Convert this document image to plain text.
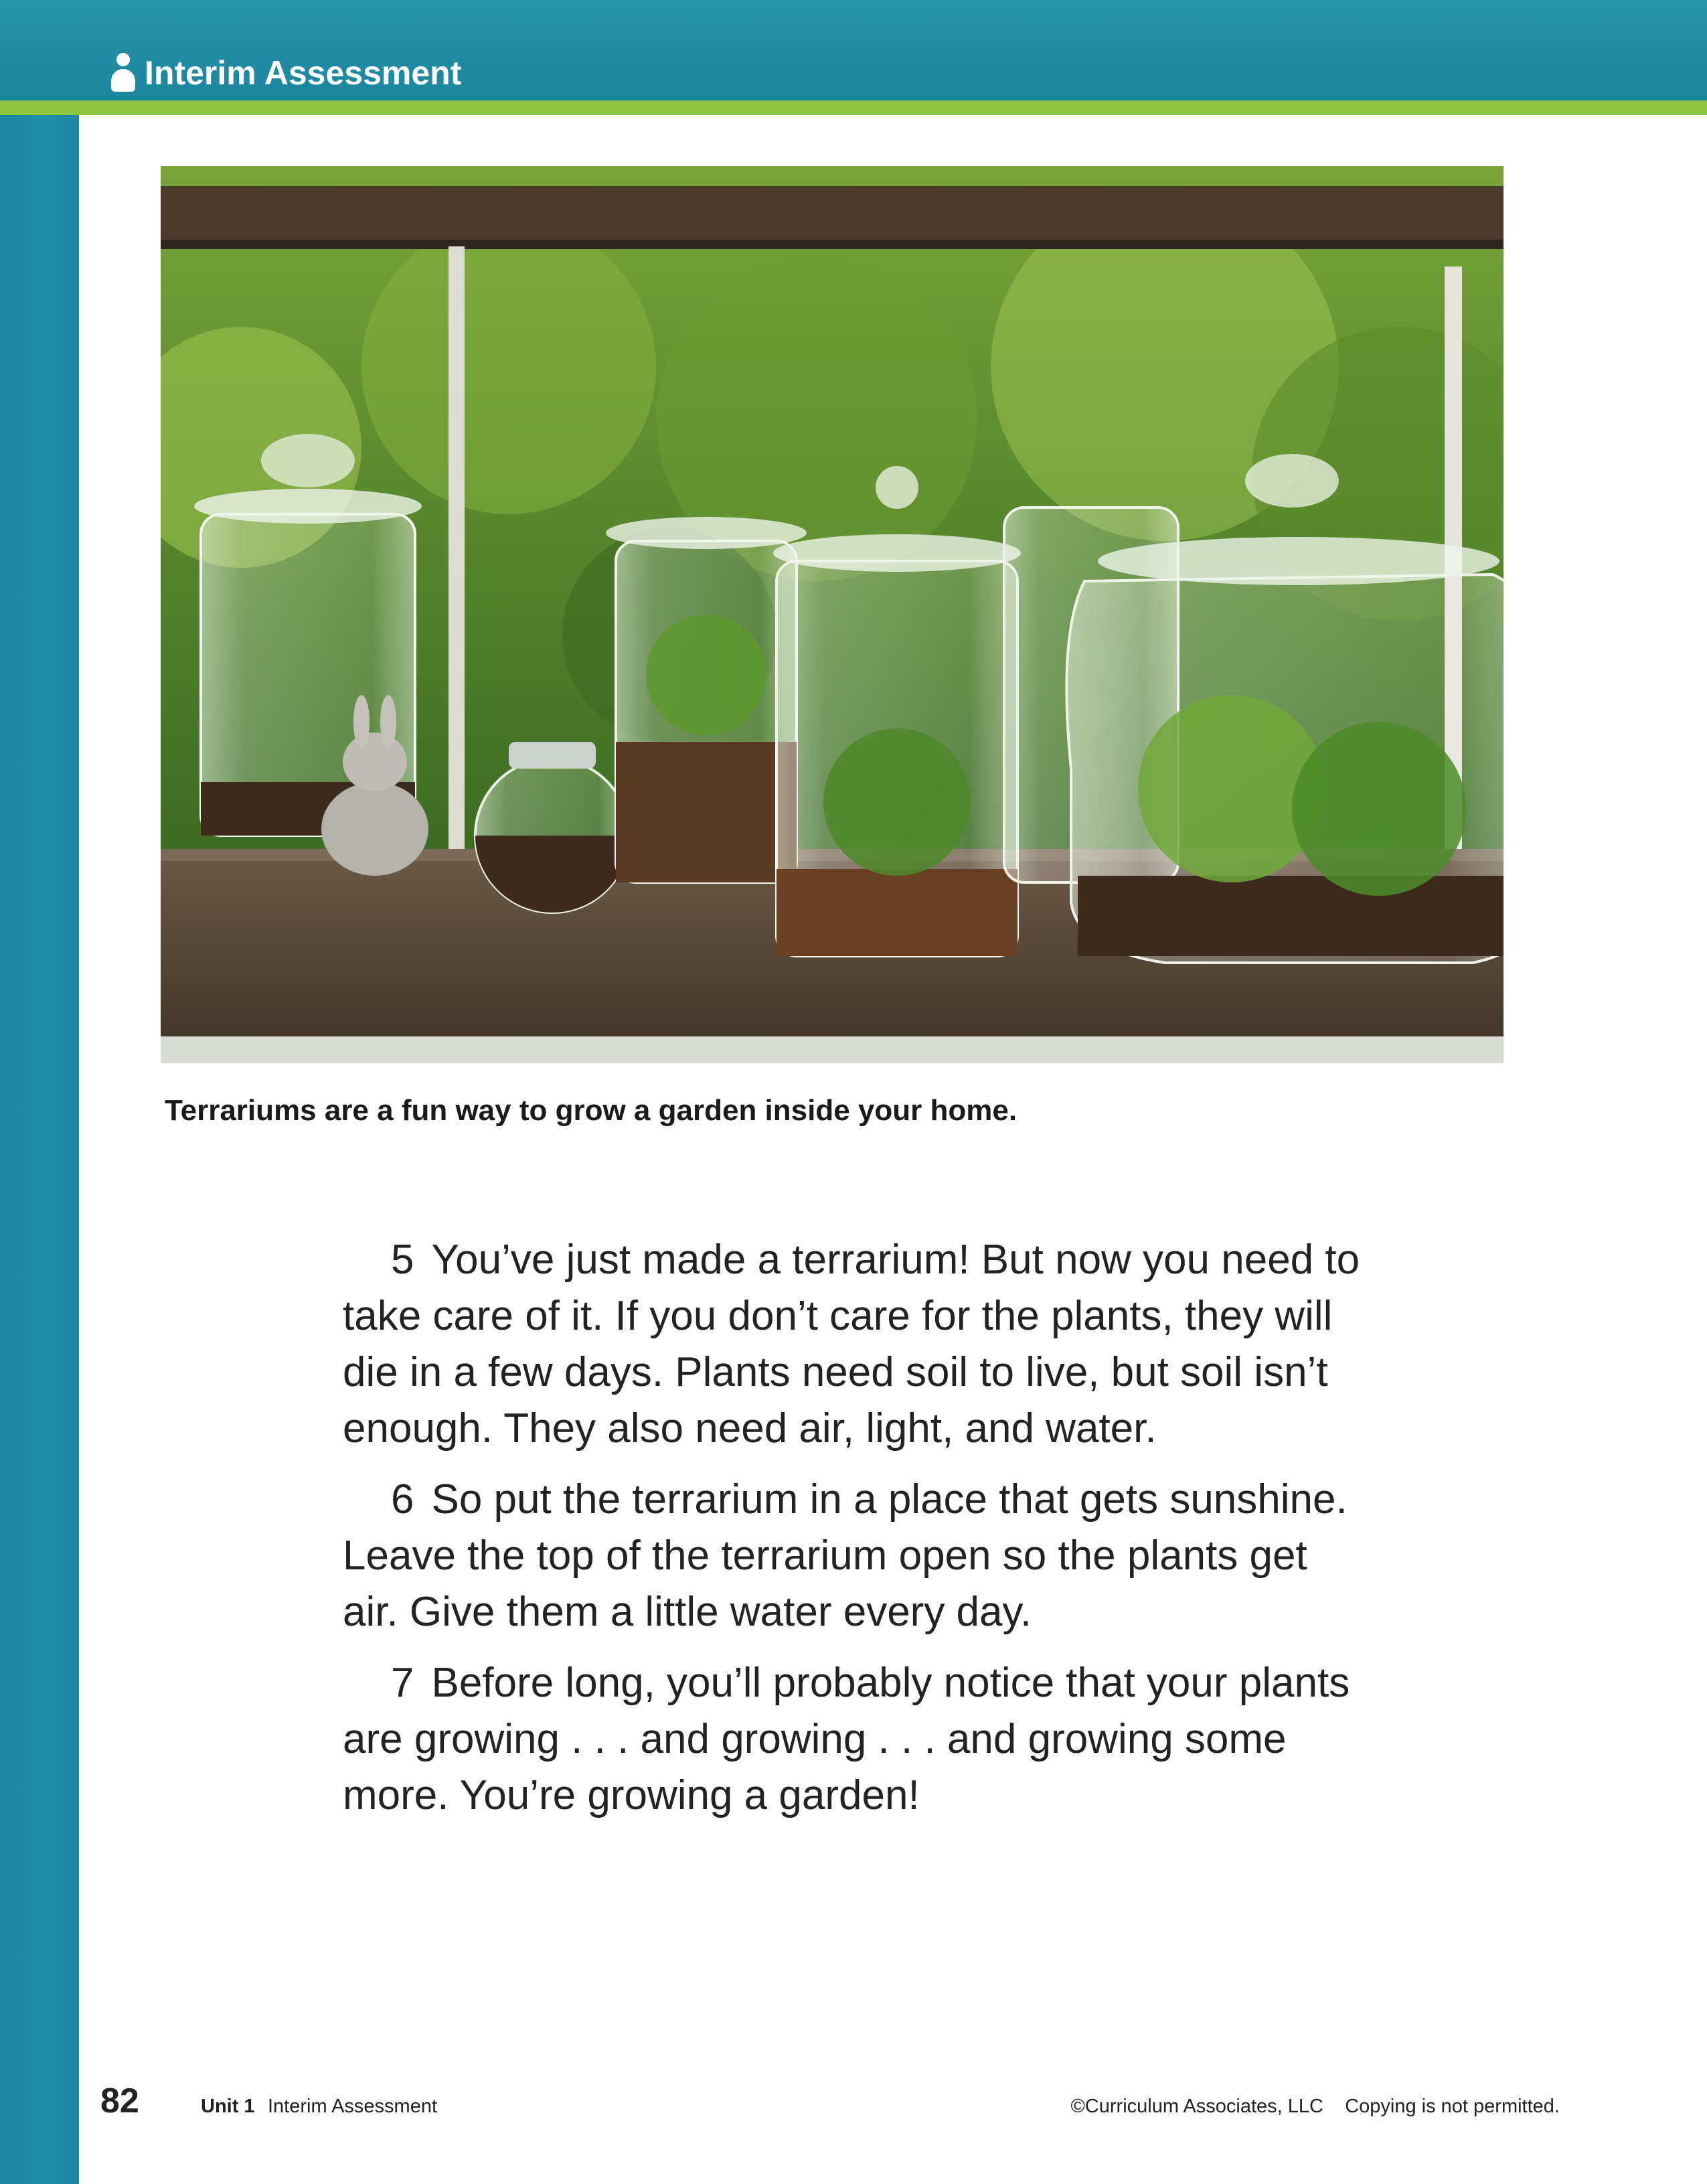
Interim Assessment
Terrariums are a fun way to grow a garden inside your home.

5 You’ve just made a terrarium! But now you need to take care of it. If you don’t care for the plants, they will die in a few days. Plants need soil to live, but soil isn’t enough. They also need air, light, and water.

6 So put the terrarium in a place that gets sunshine. Leave the top of the terrarium open so the plants get air. Give them a little water every day.

7 Before long, you’ll probably notice that your plants are growing . . . and growing . . . and growing some more. You’re growing a garden!

82	Unit 1 Interim Assessment	©Curriculum Associates, LLC    Copying is not permitted.
